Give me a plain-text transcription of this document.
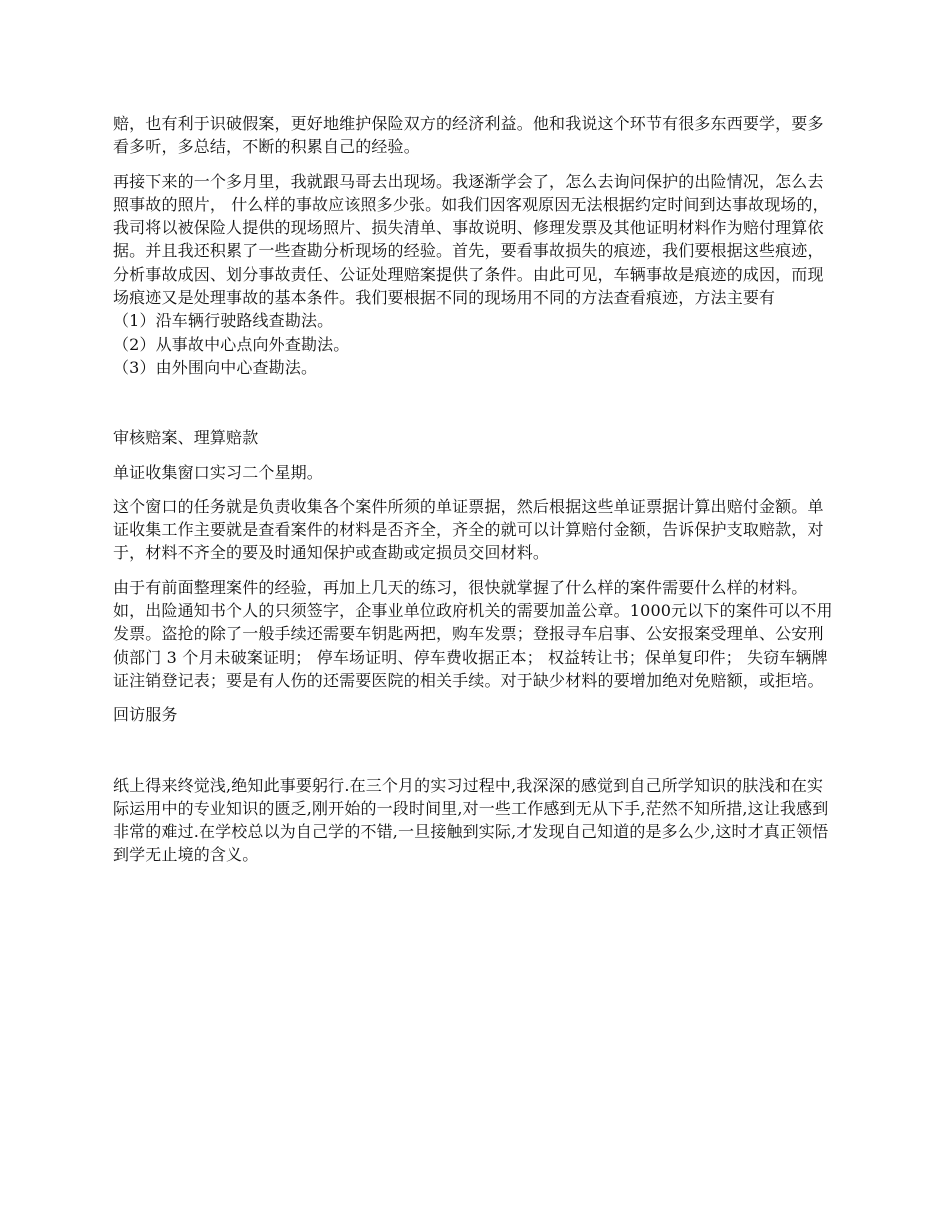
赔，也有利于识破假案，更好地维护保险双方的经济利益。他和我说这个环节有很多东西要学，要多看多听，多总结，不断的积累自己的经验。

再接下来的一个多月里，我就跟马哥去出现场。我逐渐学会了，怎么去询问保护的出险情况，怎么去照事故的照片， 什么样的事故应该照多少张。如我们因客观原因无法根据约定时间到达事故现场的，我司将以被保险人提供的现场照片、损失清单、事故说明、修理发票及其他证明材料作为赔付理算依据。并且我还积累了一些查勘分析现场的经验。首先，要看事故损失的痕迹，我们要根据这些痕迹，分析事故成因、划分事故责任、公证处理赔案提供了条件。由此可见，车辆事故是痕迹的成因，而现场痕迹又是处理事故的基本条件。我们要根据不同的现场用不同的方法查看痕迹，方法主要有

（1）沿车辆行驶路线查勘法。

（2）从事故中心点向外查勘法。

（3）由外围向中心查勘法。

审核赔案、理算赔款

单证收集窗口实习二个星期。

这个窗口的任务就是负责收集各个案件所须的单证票据，然后根据这些单证票据计算出赔付金额。单证收集工作主要就是查看案件的材料是否齐全，齐全的就可以计算赔付金额，告诉保护支取赔款，对于，材料不齐全的要及时通知保护或查勘或定损员交回材料。

由于有前面整理案件的经验，再加上几天的练习，很快就掌握了什么样的案件需要什么样的材料。如，出险通知书个人的只须签字，企事业单位政府机关的需要加盖公章。1000元以下的案件可以不用发票。盗抢的除了一般手续还需要车钥匙两把，购车发票；登报寻车启事、公安报案受理单、公安刑侦部门 3 个月未破案证明； 停车场证明、停车费收据正本； 权益转让书；保单复印件； 失窃车辆牌证注销登记表；要是有人伤的还需要医院的相关手续。对于缺少材料的要增加绝对免赔额，或拒培。

回访服务

纸上得来终觉浅,绝知此事要躬行.在三个月的实习过程中,我深深的感觉到自己所学知识的肤浅和在实际运用中的专业知识的匮乏,刚开始的一段时间里,对一些工作感到无从下手,茫然不知所措,这让我感到非常的难过.在学校总以为自己学的不错,一旦接触到实际,才发现自己知道的是多么少,这时才真正领悟到学无止境的含义。
